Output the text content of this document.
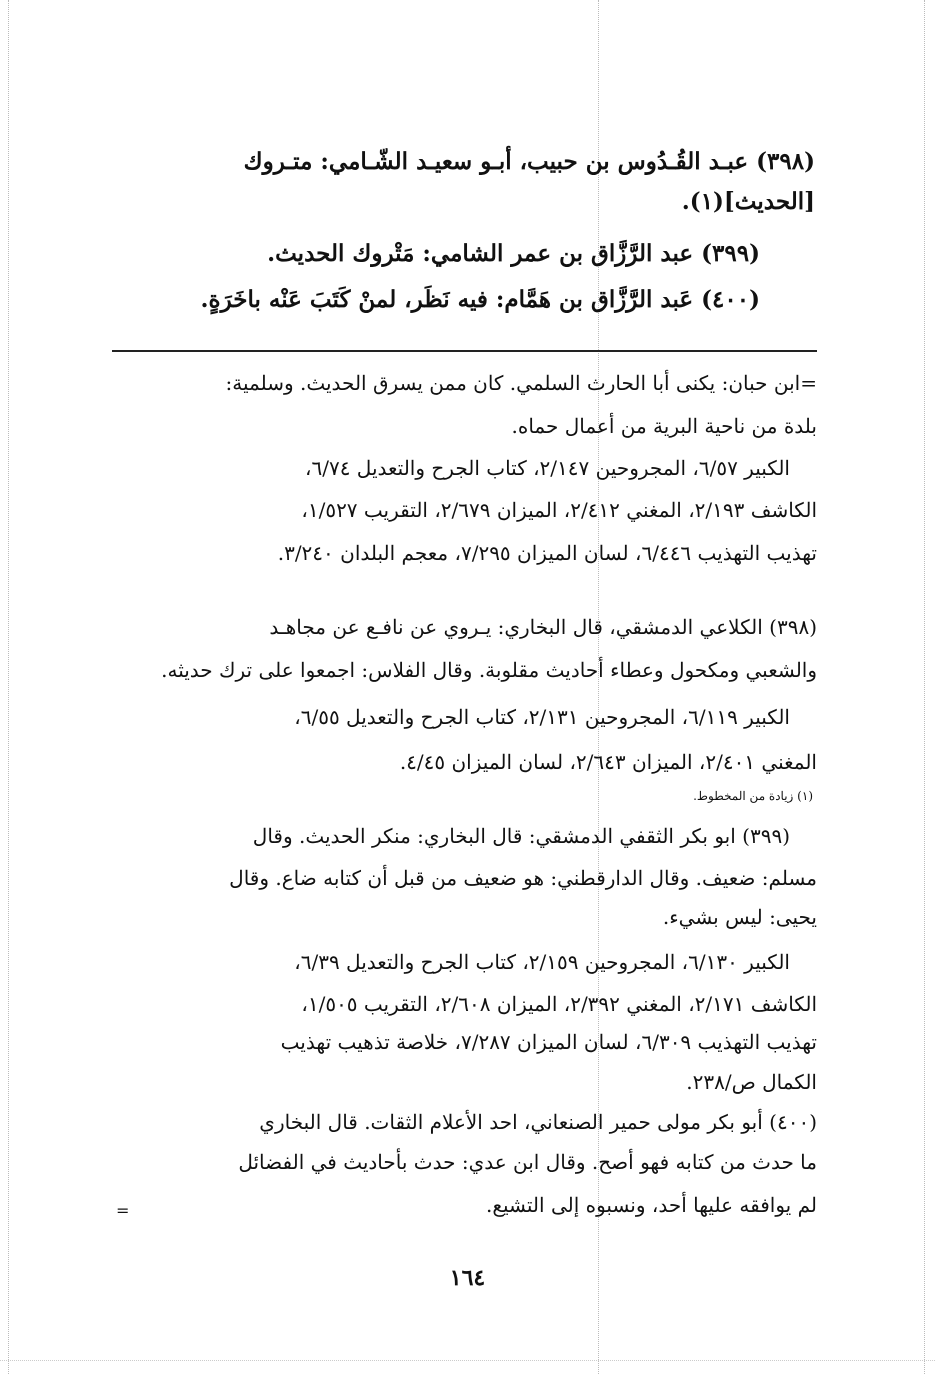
(٣٩٨) عبـد القُـدُوس بن حبيب، أبـو سعيـد الشّـامي: متـروك
[الحديث](١).
(٣٩٩) عبد الرَّزَّاق بن عمر الشامي: مَتْروك الحديث.
(٤٠٠) عَبد الرَّزَّاق بن هَمَّام: فيه نَظَر، لمنْ كَتَبَ عَنْه باخَرَةٍ.
=ابن حبان: يكنى أبا الحارث السلمي. كان ممن يسرق الحديث. وسلمية:
بلدة من ناحية البرية من أعمال حماه.
الكبير ٦/٥٧، المجروحين ٢/١٤٧، كتاب الجرح والتعديل ٦/٧٤،
الكاشف ٢/١٩٣، المغني ٢/٤١٢، الميزان ٢/٦٧٩، التقريب ١/٥٢٧،
تهذيب التهذيب ٦/٤٤٦، لسان الميزان ٧/٢٩٥، معجم البلدان ٣/٢٤٠.
(٣٩٨) الكلاعي الدمشقي، قال البخاري: يـروي عن نافـع عن مجاهـد
والشعبي ومكحول وعطاء أحاديث مقلوبة. وقال الفلاس: اجمعوا على ترك حديثه.
الكبير ٦/١١٩، المجروحين ٢/١٣١، كتاب الجرح والتعديل ٦/٥٥،
المغني ٢/٤٠١، الميزان ٢/٦٤٣، لسان الميزان ٤/٤٥.
(١) زيادة من المخطوط.
(٣٩٩) ابو بكر الثقفي الدمشقي: قال البخاري: منكر الحديث. وقال
مسلم: ضعيف. وقال الدارقطني: هو ضعيف من قبل أن كتابه ضاع. وقال
يحيى: ليس بشيء.
الكبير ٦/١٣٠، المجروحين ٢/١٥٩، كتاب الجرح والتعديل ٦/٣٩،
الكاشف ٢/١٧١، المغني ٢/٣٩٢، الميزان ٢/٦٠٨، التقريب ١/٥٠٥،
تهذيب التهذيب ٦/٣٠٩، لسان الميزان ٧/٢٨٧، خلاصة تذهيب تهذيب
الكمال ص/٢٣٨.
(٤٠٠) أبو بكر مولى حمير الصنعاني، احد الأعلام الثقات. قال البخاري
ما حدث من كتابه فهو أصح. وقال ابن عدي: حدث بأحاديث في الفضائل
لم يوافقه عليها أحد، ونسبوه إلى التشيع.
=
١٦٤
